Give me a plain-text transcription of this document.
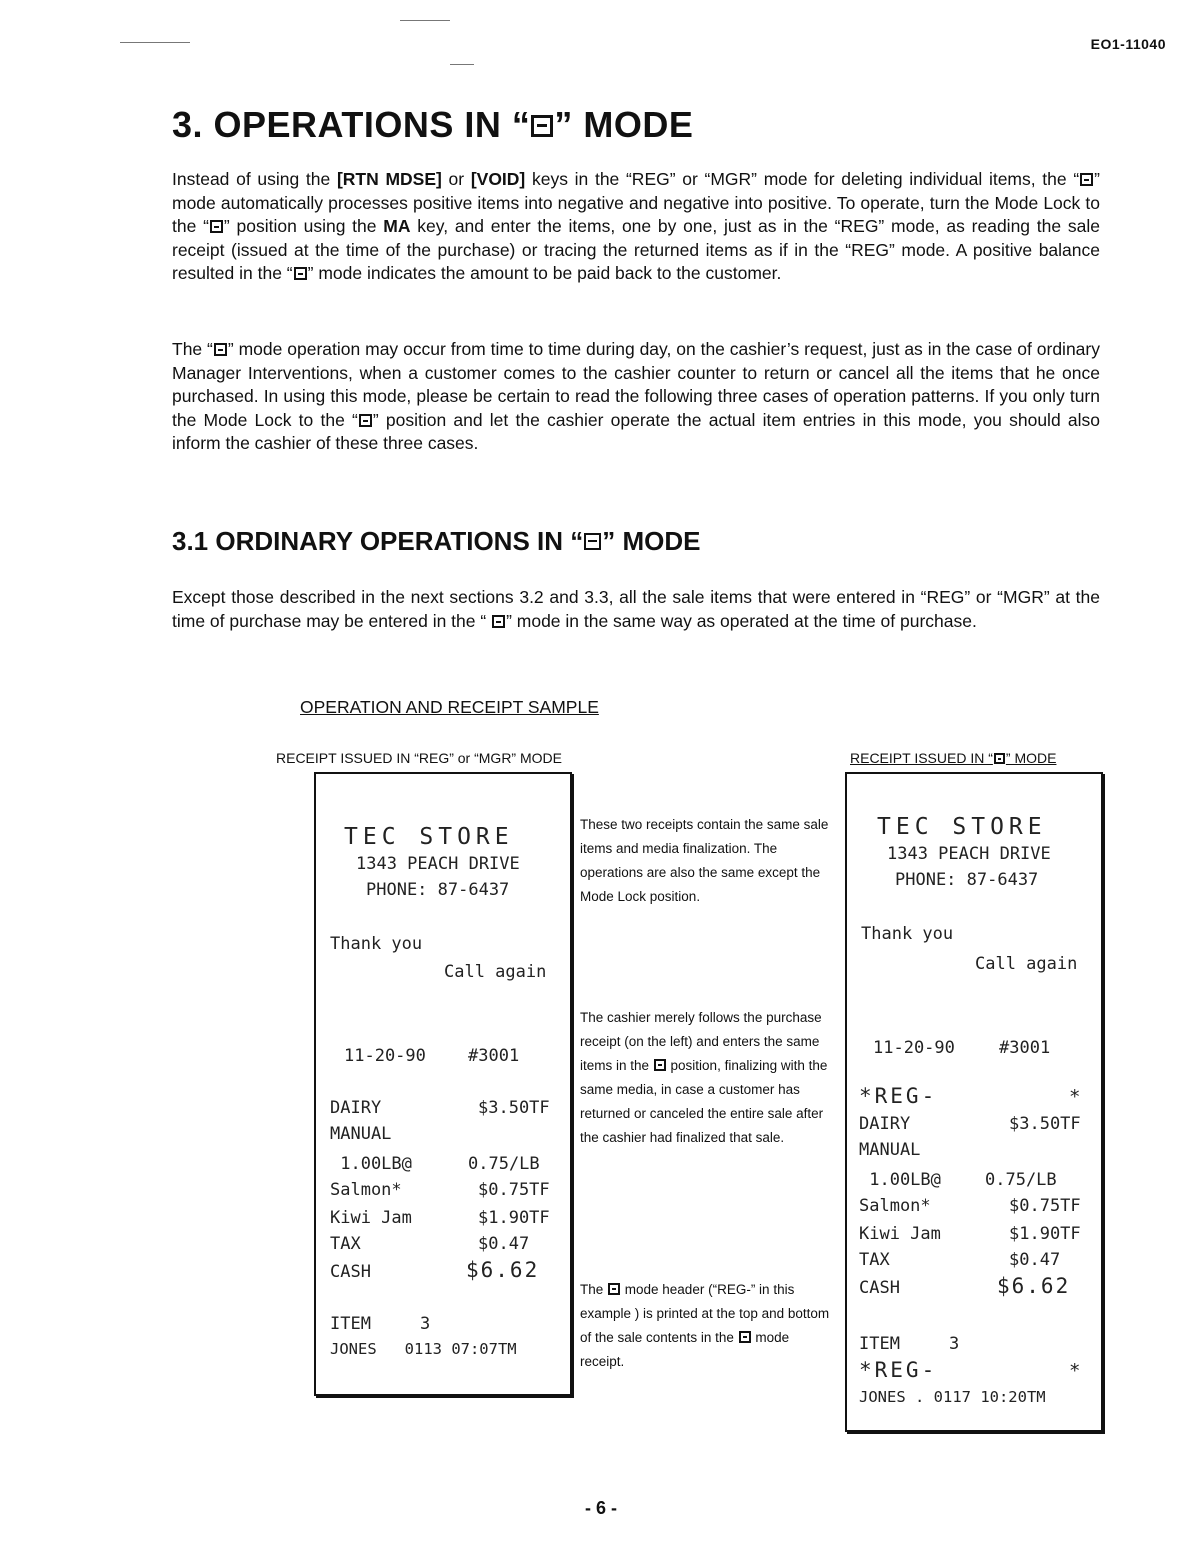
EO1-11040
3. OPERATIONS IN “ ” MODE

Instead of using the [RTN MDSE] or [VOID] keys in the “REG” or “MGR” mode for deleting individual items, the “ ” mode automatically processes positive items into negative and negative into positive. To operate, turn the Mode Lock to the “ ” position using the MA key, and enter the items, one by one, just as in the “REG” mode, as reading the sale receipt (issued at the time of the purchase) or tracing the returned items as if in the “REG” mode. A positive balance resulted in the “ ” mode indicates the amount to be paid back to the customer.

The “ ” mode operation may occur from time to time during day, on the cashier’s request, just as in the case of ordinary Manager Interventions, when a customer comes to the cashier counter to return or cancel all the items that he once purchased. In using this mode, please be certain to read the following three cases of operation patterns. If you only turn the Mode Lock to the “ ” position and let the cashier operate the actual item entries in this mode, you should also inform the cashier of these three cases.

3.1 ORDINARY OPERATIONS IN “ ” MODE

Except those described in the next sections 3.2 and 3.3, all the sale items that were entered in “REG” or “MGR” at the time of purchase may be entered in the “ ” mode in the same way as operated at the time of purchase.

OPERATION AND RECEIPT SAMPLE
RECEIPT ISSUED IN “REG” or “MGR” MODE	RECEIPT ISSUED IN “ ” MODE
TEC STORE
1343 PEACH DRIVE
PHONE: 87-6437
Thank you
Call again
11-20-90 #3001
DAIRY	$3.50TF
MANUAL
1.00LB@	0.75/LB
Salmon*	$0.75TF
Kiwi Jam	$1.90TF
TAX	$0.47
CASH	$6.62
ITEM	3
JONES   0113 07:07TM

These two receipts contain the same sale items and media finalization. The operations are also the same except the Mode Lock position.

The cashier merely follows the purchase receipt (on the left) and enters the same items in the  position, finalizing with the same media, in case a customer has returned or canceled the entire sale after the cashier had finalized that sale.

The  mode header (“REG-” in this example ) is printed at the top and bottom of the sale contents in the  mode receipt.

TEC STORE
1343 PEACH DRIVE
PHONE: 87-6437
Thank you
Call again
11-20-90	#3001
*REG-	*
DAIRY	$3.50TF
MANUAL
1.00LB@	0.75/LB
Salmon*	$0.75TF
Kiwi Jam	$1.90TF
TAX	$0.47
CASH	$6.62
ITEM	3
*REG-	*
JONES . 0117 10:20TM
- 6 -
